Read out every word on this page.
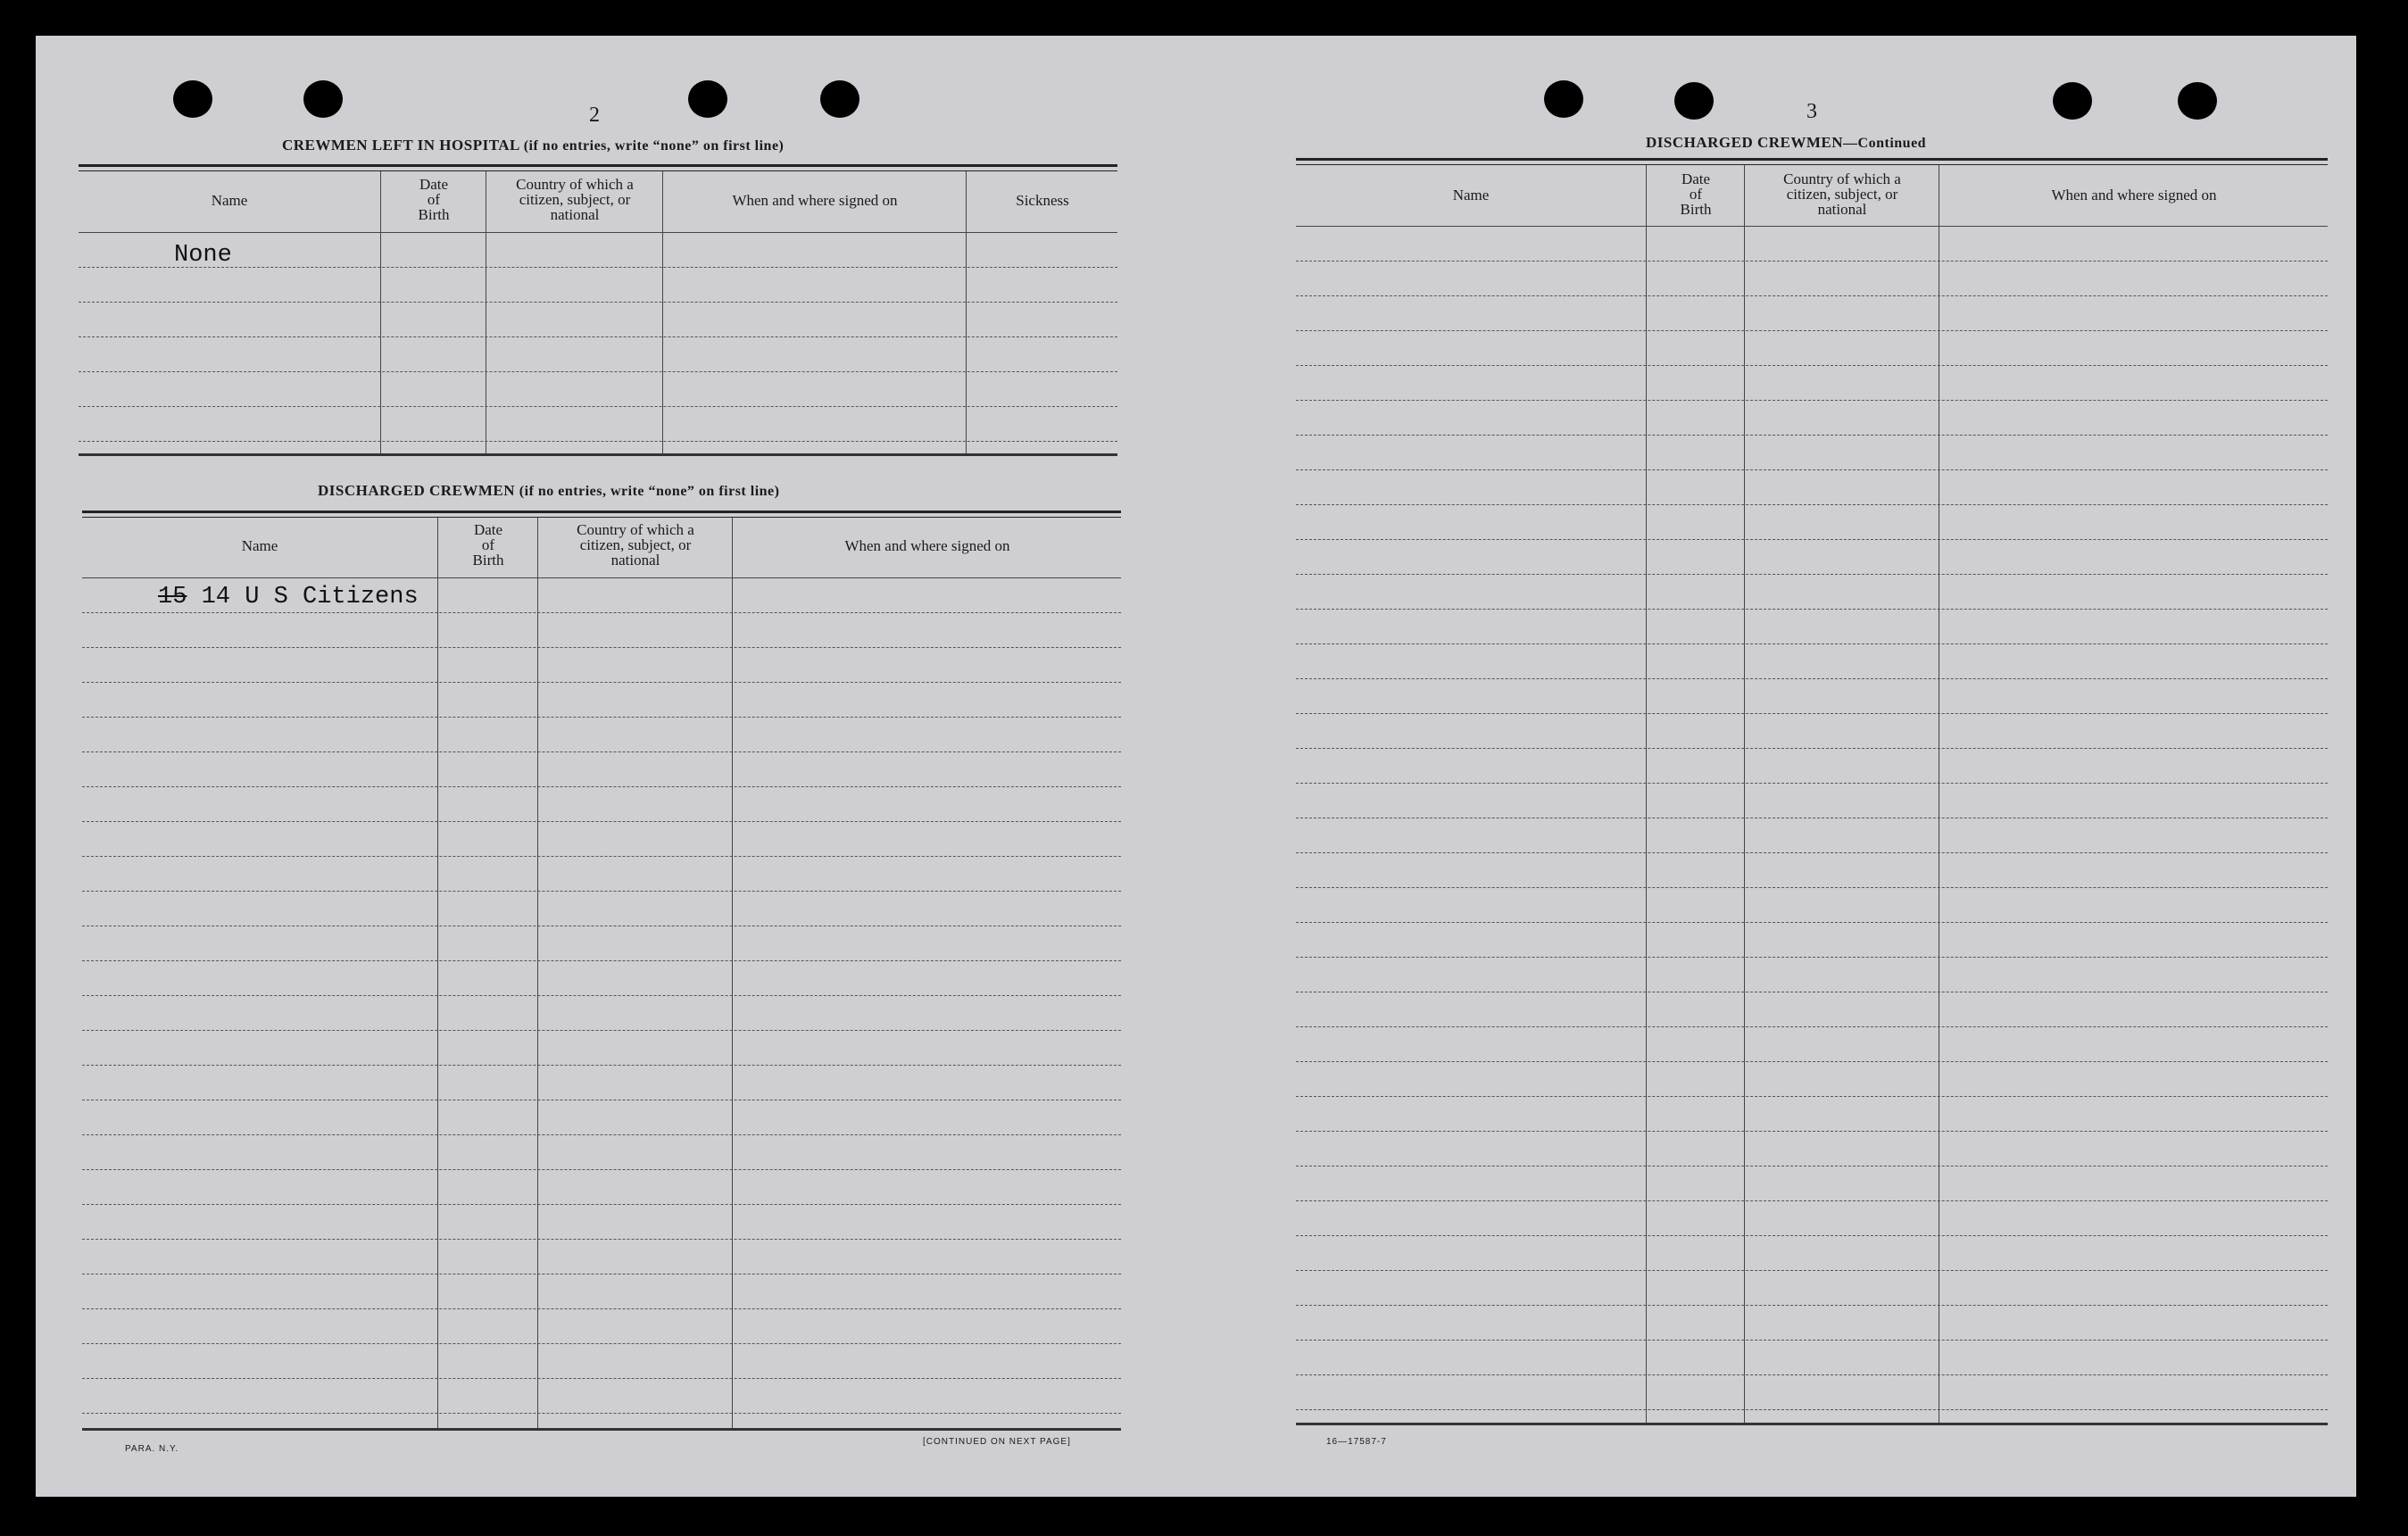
2
CREWMEN LEFT IN HOSPITAL (if no entries, write “none” on first line)
Name
Date
of
Birth
Country of which a
citizen, subject, or
national
When and where signed on	Sickness
None
DISCHARGED CREWMEN (if no entries, write “none” on first line)
Name
Date
of
Birth
Country of which a
citizen, subject, or
national
When and where signed on
15 14 U S Citizens
PARA. N.Y.
[CONTINUED ON NEXT PAGE]
3
DISCHARGED CREWMEN—Continued
Name
Date
of
Birth
Country of which a
citizen, subject, or
national
When and where signed on
16—17587-7
